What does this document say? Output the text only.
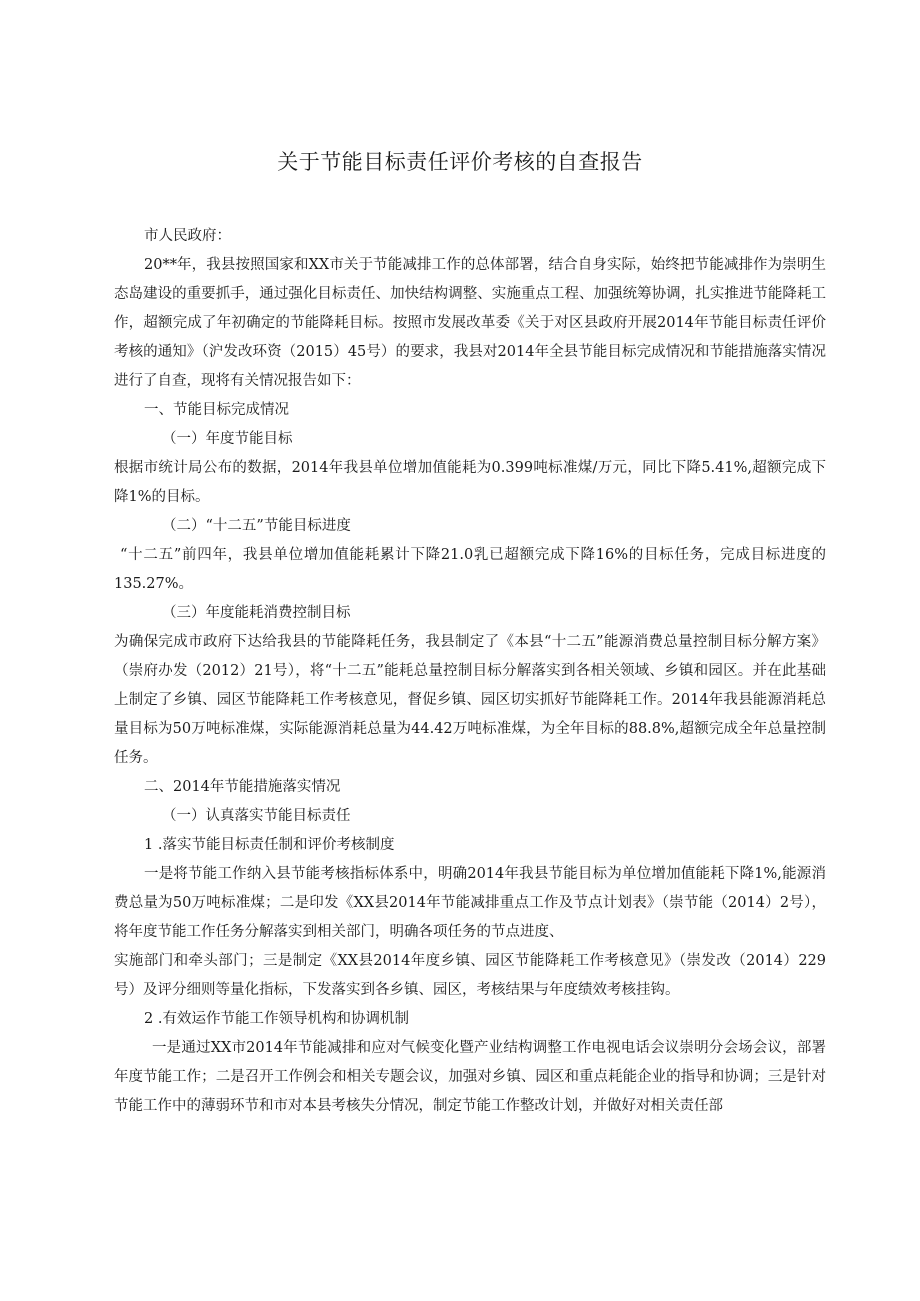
关于节能目标责任评价考核的自查报告

市人民政府：

20**年，我县按照国家和XX市关于节能减排工作的总体部署，结合自身实际，始终把节能减排作为崇明生态岛建设的重要抓手，通过强化目标责任、加快结构调整、实施重点工程、加强统筹协调，扎实推进节能降耗工作，超额完成了年初确定的节能降耗目标。按照市发展改革委《关于对区县政府开展2014年节能目标责任评价考核的通知》（沪发改环资（2015）45号）的要求，我县对2014年全县节能目标完成情况和节能措施落实情况进行了自查，现将有关情况报告如下：

一、节能目标完成情况

（一）年度节能目标

根据市统计局公布的数据，2014年我县单位增加值能耗为0.399吨标准煤/万元，同比下降5.41%,超额完成下降1%的目标。

（二）“十二五”节能目标进度

“十二五”前四年，我县单位增加值能耗累计下降21.0乳已超额完成下降16%的目标任务，完成目标进度的135.27%。

（三）年度能耗消费控制目标

为确保完成市政府下达给我县的节能降耗任务，我县制定了《本县“十二五”能源消费总量控制目标分解方案》（崇府办发（2012）21号），将“十二五”能耗总量控制目标分解落实到各相关领域、乡镇和园区。并在此基础上制定了乡镇、园区节能降耗工作考核意见，督促乡镇、园区切实抓好节能降耗工作。2014年我县能源消耗总量目标为50万吨标准煤，实际能源消耗总量为44.42万吨标准煤，为全年目标的88.8%,超额完成全年总量控制任务。

二、2014年节能措施落实情况

（一）认真落实节能目标责任

1 .落实节能目标责任制和评价考核制度

一是将节能工作纳入县节能考核指标体系中，明确2014年我县节能目标为单位增加值能耗下降1%,能源消费总量为50万吨标准煤；二是印发《XX县2014年节能减排重点工作及节点计划表》（崇节能（2014）2号），将年度节能工作任务分解落实到相关部门，明确各项任务的节点进度、

实施部门和牵头部门；三是制定《XX县2014年度乡镇、园区节能降耗工作考核意见》（崇发改（2014）229号）及评分细则等量化指标，下发落实到各乡镇、园区，考核结果与年度绩效考核挂钩。

2 .有效运作节能工作领导机构和协调机制

一是通过XX市2014年节能减排和应对气候变化暨产业结构调整工作电视电话会议崇明分会场会议，部署年度节能工作；二是召开工作例会和相关专题会议，加强对乡镇、园区和重点耗能企业的指导和协调；三是针对节能工作中的薄弱环节和市对本县考核失分情况，制定节能工作整改计划，并做好对相关责任部
